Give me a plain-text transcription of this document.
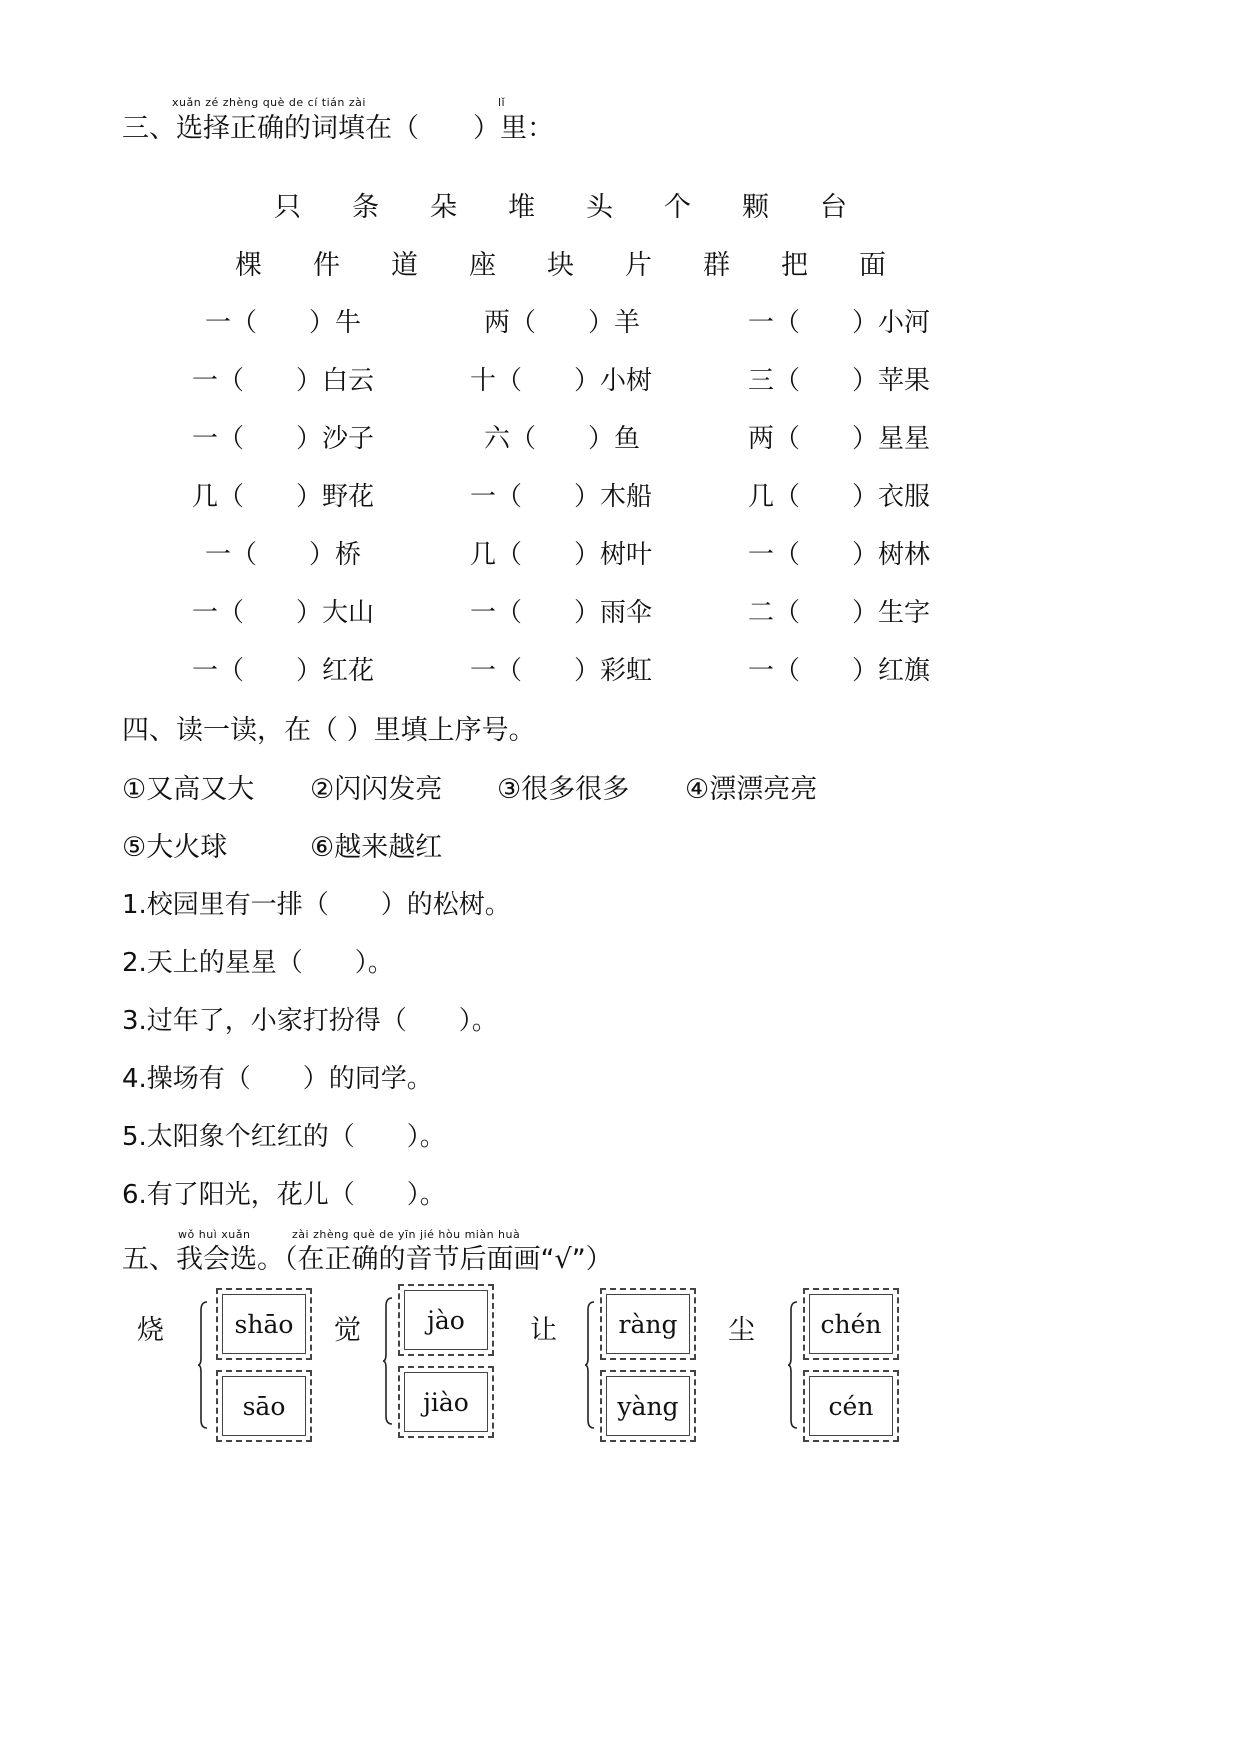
xuǎn zé zhèng què de cí tián zài	lǐ
三、选择正确的词填在（　　）里：
只 条 朵 堆 头 个 颗 台
棵 件 道 座 块 片 群 把 面
一（　　）牛	两（　　）羊	一（　　）小河
一（　　）白云	十（　　）小树	三（　　）苹果
一（　　）沙子	六（　　）鱼	两（　　）星星
几（　　）野花	一（　　）木船	几（　　）衣服
一（　　）桥	几（　　）树叶	一（　　）树林
一（　　）大山	一（　　）雨伞	二（　　）生字
一（　　）红花	一（　　）彩虹	一（　　）红旗
四、读一读，在（ ）里填上序号。
①又高又大 ②闪闪发亮 ③很多很多 ④漂漂亮亮
⑤大火球	⑥越来越红
1.校园里有一排（　　）的松树。
2.天上的星星（　　）。
3.过年了，小家打扮得（　　）。
4.操场有（　　）的同学。
5.太阳象个红红的（　　）。
6.有了阳光，花儿（　　）。
wǒ huì xuǎn	zài zhèng què de yīn jié hòu miàn huà
五、我会选。（在正确的音节后面画“√”）
烧	shāo
sāo
觉	jào
jiào
让	ràng
yàng
尘	chén
cén
